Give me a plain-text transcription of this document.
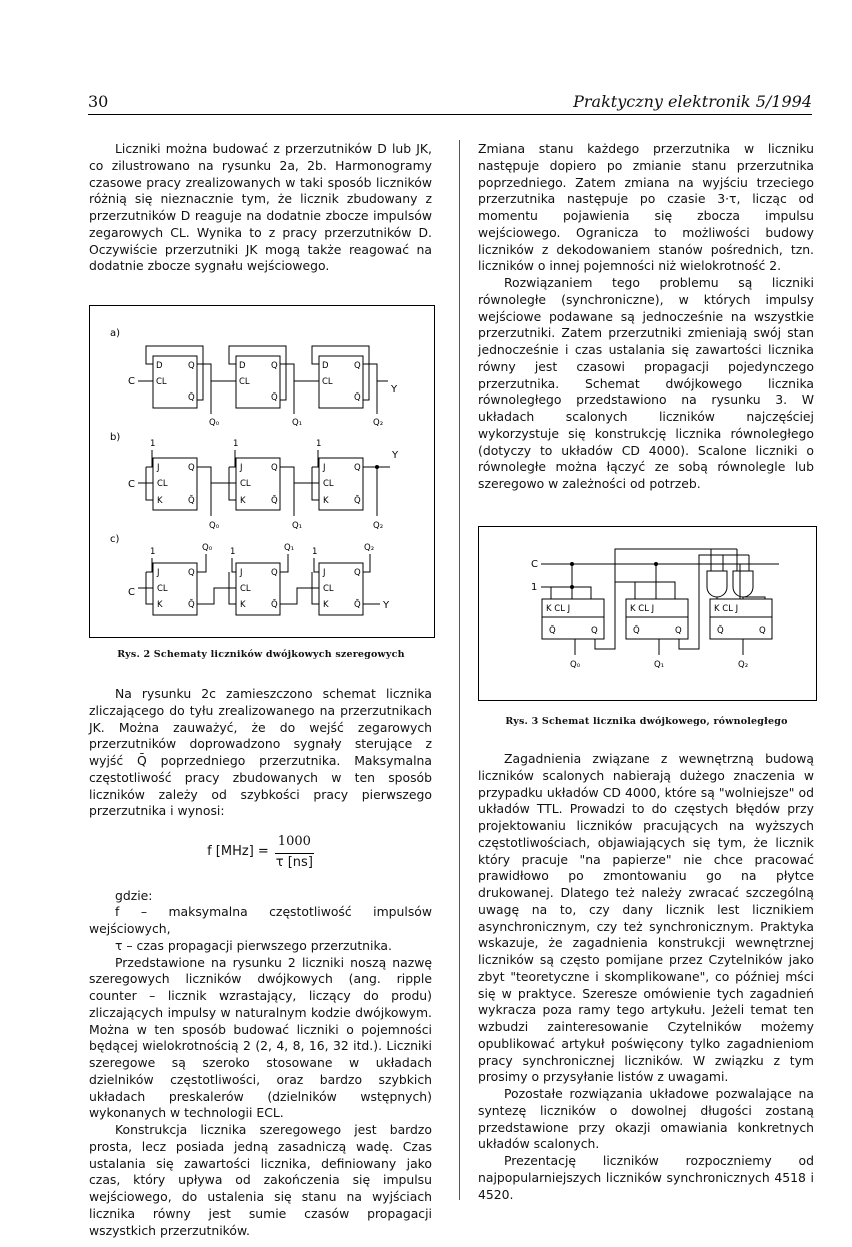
30	Praktyczny elektronik 5/1994

Liczniki można budować z przerzutników D lub JK, co zilustrowano na rysunku 2a, 2b. Harmonogramy czasowe pracy zrealizowanych w taki sposób liczników różnią się nieznacznie tym, że licznik zbudowany z przerzutników D reaguje na dodatnie zbocze impulsów zegarowych CL. Wynika to z pracy przerzutników D. Oczywiście przerzutniki JK mogą także reagować na dodatnie zbocze sygnału wejściowego.

a)
b)
c)
D	Q
CL
Q̄
D	Q
CL
Q̄
D	Q
CL
Q̄
C
Y
Q₀	Q₁	Q₂
J	Q
CL
K	Q̄
J	Q
CL
K	Q̄
J	Q
CL
K	Q̄
1	1	1
C
Y
Q₀	Q₁	Q₂
J	Q
CL
K	Q̄
J	Q
CL
K	Q̄
J	Q
CL
K	Q̄
1	1	1
Q₀	Q₁	Q₂
C
Y
Rys. 2 Schematy liczników dwójkowych szeregowych

Na rysunku 2c zamieszczono schemat licznika zliczającego do tyłu zrealizowanego na przerzutnikach JK. Można zauważyć, że do wejść zegarowych przerzutników doprowadzono sygnały sterujące z wyjść Q̄ poprzedniego przerzutnika. Maksymalna częstotliwość pracy zbudowanych w ten sposób liczników zależy od szybkości pracy pierwszego przerzutnika i wynosi:

f $[MHz] = \frac{1000}{\tau [ns]}$

gdzie:

f – maksymalna częstotliwość impulsów wejściowych,

τ – czas propagacji pierwszego przerzutnika.

Przedstawione na rysunku 2 liczniki noszą nazwę szeregowych liczników dwójkowych (ang. ripple counter – licznik wzrastający, liczący do produ) zliczających impulsy w naturalnym kodzie dwójkowym. Można w ten sposób budować liczniki o pojemności będącej wielokrotnością 2 (2, 4, 8, 16, 32 itd.). Liczniki szeregowe są szeroko stosowane w układach dzielników częstotliwości, oraz bardzo szybkich układach preskalerów (dzielników wstępnych) wykonanych w technologii ECL.

Konstrukcja licznika szeregowego jest bardzo prosta, lecz posiada jedną zasadniczą wadę. Czas ustalania się zawartości licznika, definiowany jako czas, który upływa od zakończenia się impulsu wejściowego, do ustalenia się stanu na wyjściach licznika równy jest sumie czasów propagacji wszystkich przerzutników.

Zmiana stanu każdego przerzutnika w liczniku następuje dopiero po zmianie stanu przerzutnika poprzedniego. Zatem zmiana na wyjściu trzeciego przerzutnika następuje po czasie 3·τ, licząc od momentu pojawienia się zbocza impulsu wejściowego. Ogranicza to możliwości budowy liczników z dekodowaniem stanów pośrednich, tzn. liczników o innej pojemności niż wielokrotność 2.

Rozwiązaniem tego problemu są liczniki równoległe (synchroniczne), w których impulsy wejściowe podawane są jednocześnie na wszystkie przerzutniki. Zatem przerzutniki zmieniają swój stan jednocześnie i czas ustalania się zawartości licznika równy jest czasowi propagacji pojedynczego przerzutnika. Schemat dwójkowego licznika równoległego przedstawiono na rysunku 3. W układach scalonych liczników najczęściej wykorzystuje się konstrukcję licznika równoległego (dotyczy to układów CD 4000). Scalone liczniki o równoległe można łączyć ze sobą równolegle lub szeregowo w zależności od potrzeb.

C
1
K CL J	K CL J	K CL J
Q̄	Q	Q̄	Q	Q̄	Q
Q₀	Q₁	Q₂
Rys. 3 Schemat licznika dwójkowego, równoległego

Zagadnienia związane z wewnętrzną budową liczników scalonych nabierają dużego znaczenia w przypadku układów CD 4000, które są "wolniejsze" od układów TTL. Prowadzi to do częstych błędów przy projektowaniu liczników pracujących na wyższych częstotliwościach, objawiających się tym, że licznik który pracuje "na papierze" nie chce pracować prawidłowo po zmontowaniu go na płytce drukowanej. Dlatego też należy zwracać szczególną uwagę na to, czy dany licznik lest licznikiem asynchronicznym, czy też synchronicznym. Praktyka wskazuje, że zagadnienia konstrukcji wewnętrznej liczników są często pomijane przez Czytelników jako zbyt "teoretyczne i skomplikowane", co później mści się w praktyce. Szeresze omówienie tych zagadnień wykracza poza ramy tego artykułu. Jeżeli temat ten wzbudzi zainteresowanie Czytelników możemy opublikować artykuł poświęcony tylko zagadnieniom pracy synchronicznej liczników. W związku z tym prosimy o przysyłanie listów z uwagami.

Pozostałe rozwiązania układowe pozwalające na syntezę liczników o dowolnej długości zostaną przedstawione przy okazji omawiania konkretnych układów scalonych.

Prezentację liczników rozpoczniemy od najpopularniejszych liczników synchronicznych 4518 i 4520.
